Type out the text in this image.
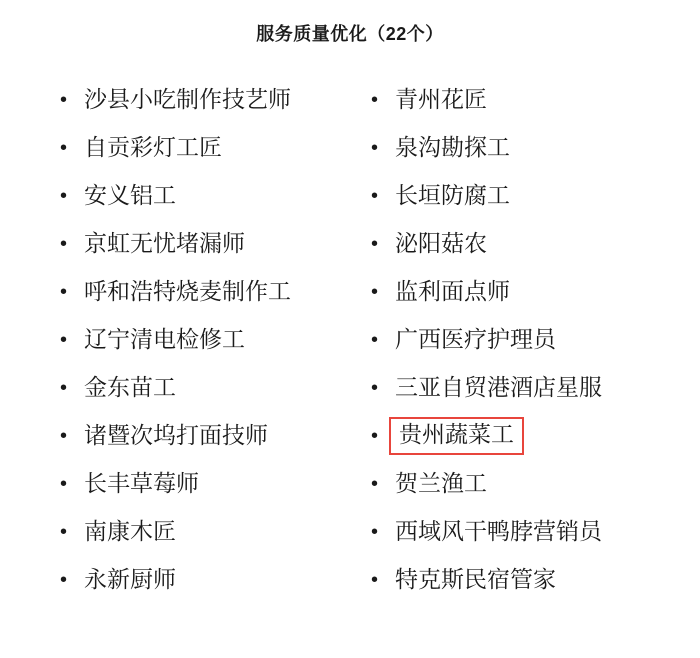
服务质量优化（22个）
• 沙县小吃制作技艺师
• 自贡彩灯工匠
• 安义铝工
• 京虹无忧堵漏师
• 呼和浩特烧麦制作工
• 辽宁清电检修工
• 金东苗工
• 诸暨次坞打面技师
• 长丰草莓师
• 南康木匠
• 永新厨师
• 青州花匠
• 泉沟勘探工
• 长垣防腐工
• 泌阳菇农
• 监利面点师
• 广西医疗护理员
• 三亚自贸港酒店星服
• 贵州蔬菜工
• 贺兰渔工
• 西域风干鸭脖营销员
• 特克斯民宿管家
